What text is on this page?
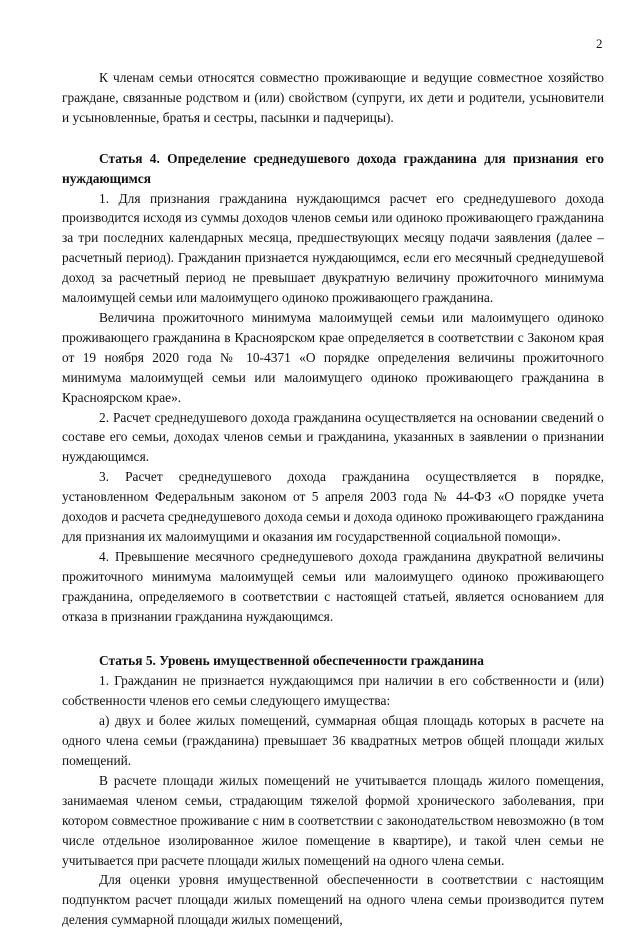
2

К членам семьи относятся совместно проживающие и ведущие совместное хозяйство граждане, связанные родством и (или) свойством (супруги, их дети и родители, усыновители и усыновленные, братья и сестры, пасынки и падчерицы).

Статья 4. Определение среднедушевого дохода гражданина для признания его нуждающимся

1. Для признания гражданина нуждающимся расчет его среднедушевого дохода производится исходя из суммы доходов членов семьи или одиноко проживающего гражданина за три последних календарных месяца, предшествующих месяцу подачи заявления (далее – расчетный период). Гражданин признается нуждающимся, если его месячный среднедушевой доход за расчетный период не превышает двукратную величину прожиточного минимума малоимущей семьи или малоимущего одиноко проживающего гражданина.

Величина прожиточного минимума малоимущей семьи или малоимущего одиноко проживающего гражданина в Красноярском крае определяется в соответствии с Законом края от 19 ноября 2020 года № 10-4371 «О порядке определения величины прожиточного минимума малоимущей семьи или малоимущего одиноко проживающего гражданина в Красноярском крае».

2. Расчет среднедушевого дохода гражданина осуществляется на основании сведений о составе его семьи, доходах членов семьи и гражданина, указанных в заявлении о признании нуждающимся.

3. Расчет среднедушевого дохода гражданина осуществляется в порядке, установленном Федеральным законом от 5 апреля 2003 года № 44-ФЗ «О порядке учета доходов и расчета среднедушевого дохода семьи и дохода одиноко проживающего гражданина для признания их малоимущими и оказания им государственной социальной помощи».

4. Превышение месячного среднедушевого дохода гражданина двукратной величины прожиточного минимума малоимущей семьи или малоимущего одиноко проживающего гражданина, определяемого в соответствии с настоящей статьей, является основанием для отказа в признании гражданина нуждающимся.

Статья 5. Уровень имущественной обеспеченности гражданина

1. Гражданин не признается нуждающимся при наличии в его собственности и (или) собственности членов его семьи следующего имущества:

а) двух и более жилых помещений, суммарная общая площадь которых в расчете на одного члена семьи (гражданина) превышает 36 квадратных метров общей площади жилых помещений.

В расчете площади жилых помещений не учитывается площадь жилого помещения, занимаемая членом семьи, страдающим тяжелой формой хронического заболевания, при котором совместное проживание с ним в соответствии с законодательством невозможно (в том числе отдельное изолированное жилое помещение в квартире), и такой член семьи не учитывается при расчете площади жилых помещений на одного члена семьи.

Для оценки уровня имущественной обеспеченности в соответствии с настоящим подпунктом расчет площади жилых помещений на одного члена семьи производится путем деления суммарной площади жилых помещений,
